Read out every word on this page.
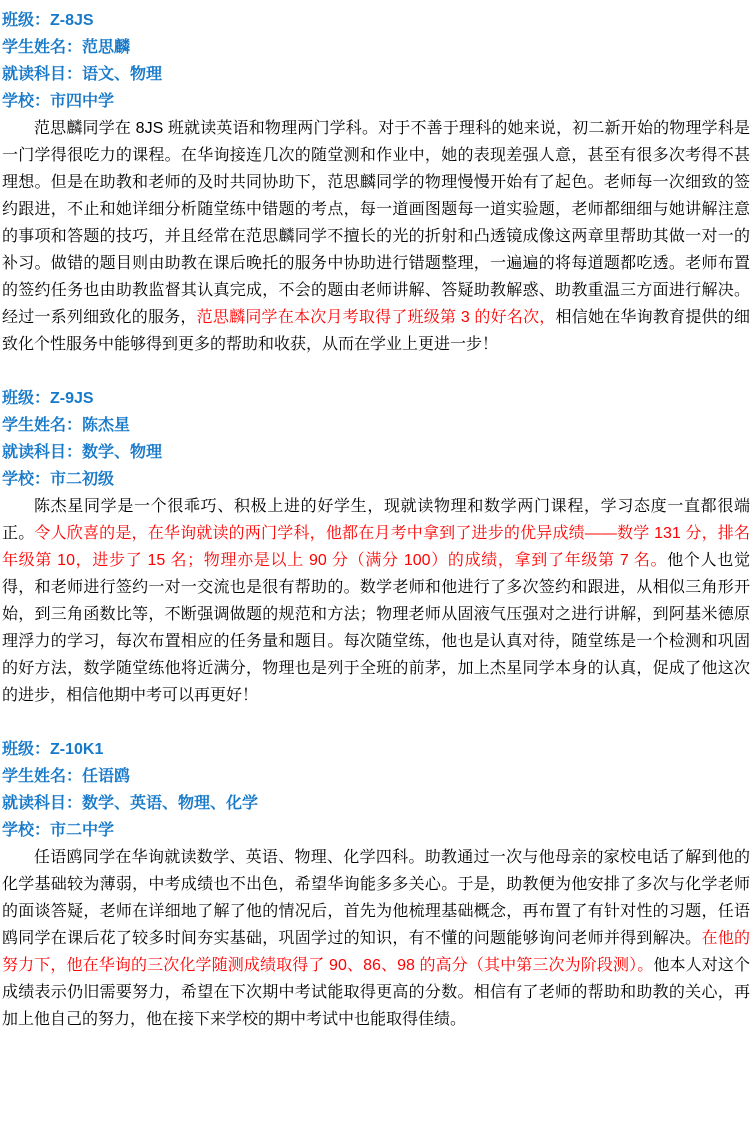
班级：Z-8JS
学生姓名：范思麟
就读科目：语文、物理
学校：市四中学

范思麟同学在 8JS 班就读英语和物理两门学科。对于不善于理科的她来说，初二新开始的物理学科是一门学得很吃力的课程。在华询接连几次的随堂测和作业中，她的表现差强人意，甚至有很多次考得不甚理想。但是在助教和老师的及时共同协助下，范思麟同学的物理慢慢开始有了起色。老师每一次细致的签约跟进，不止和她详细分析随堂练中错题的考点，每一道画图题每一道实验题，老师都细细与她讲解注意的事项和答题的技巧，并且经常在范思麟同学不擅长的光的折射和凸透镜成像这两章里帮助其做一对一的补习。做错的题目则由助教在课后晚托的服务中协助进行错题整理，一遍遍的将每道题都吃透。老师布置的签约任务也由助教监督其认真完成，不会的题由老师讲解、答疑助教解惑、助教重温三方面进行解决。经过一系列细致化的服务，范思麟同学在本次月考取得了班级第 3 的好名次，相信她在华询教育提供的细致化个性服务中能够得到更多的帮助和收获，从而在学业上更进一步！

班级：Z-9JS
学生姓名：陈杰星
就读科目：数学、物理
学校：市二初级

陈杰星同学是一个很乖巧、积极上进的好学生，现就读物理和数学两门课程，学习态度一直都很端正。令人欣喜的是，在华询就读的两门学科，他都在月考中拿到了进步的优异成绩——数学 131 分，排名年级第 10，进步了 15 名；物理亦是以上 90 分（满分 100）的成绩，拿到了年级第 7 名。他个人也觉得，和老师进行签约一对一交流也是很有帮助的。数学老师和他进行了多次签约和跟进，从相似三角形开始，到三角函数比等，不断强调做题的规范和方法；物理老师从固液气压强对之进行讲解，到阿基米德原理浮力的学习，每次布置相应的任务量和题目。每次随堂练，他也是认真对待，随堂练是一个检测和巩固的好方法，数学随堂练他将近满分，物理也是列于全班的前茅，加上杰星同学本身的认真，促成了他这次的进步，相信他期中考可以再更好！

班级：Z-10K1
学生姓名：任语鸥
就读科目：数学、英语、物理、化学
学校：市二中学

任语鸥同学在华询就读数学、英语、物理、化学四科。助教通过一次与他母亲的家校电话了解到他的化学基础较为薄弱，中考成绩也不出色，希望华询能多多关心。于是，助教便为他安排了多次与化学老师的面谈答疑，老师在详细地了解了他的情况后，首先为他梳理基础概念，再布置了有针对性的习题，任语鸥同学在课后花了较多时间夯实基础，巩固学过的知识，有不懂的问题能够询问老师并得到解决。在他的努力下，他在华询的三次化学随测成绩取得了 90、86、98 的高分（其中第三次为阶段测）。他本人对这个成绩表示仍旧需要努力，希望在下次期中考试能取得更高的分数。相信有了老师的帮助和助教的关心，再加上他自己的努力，他在接下来学校的期中考试中也能取得佳绩。
